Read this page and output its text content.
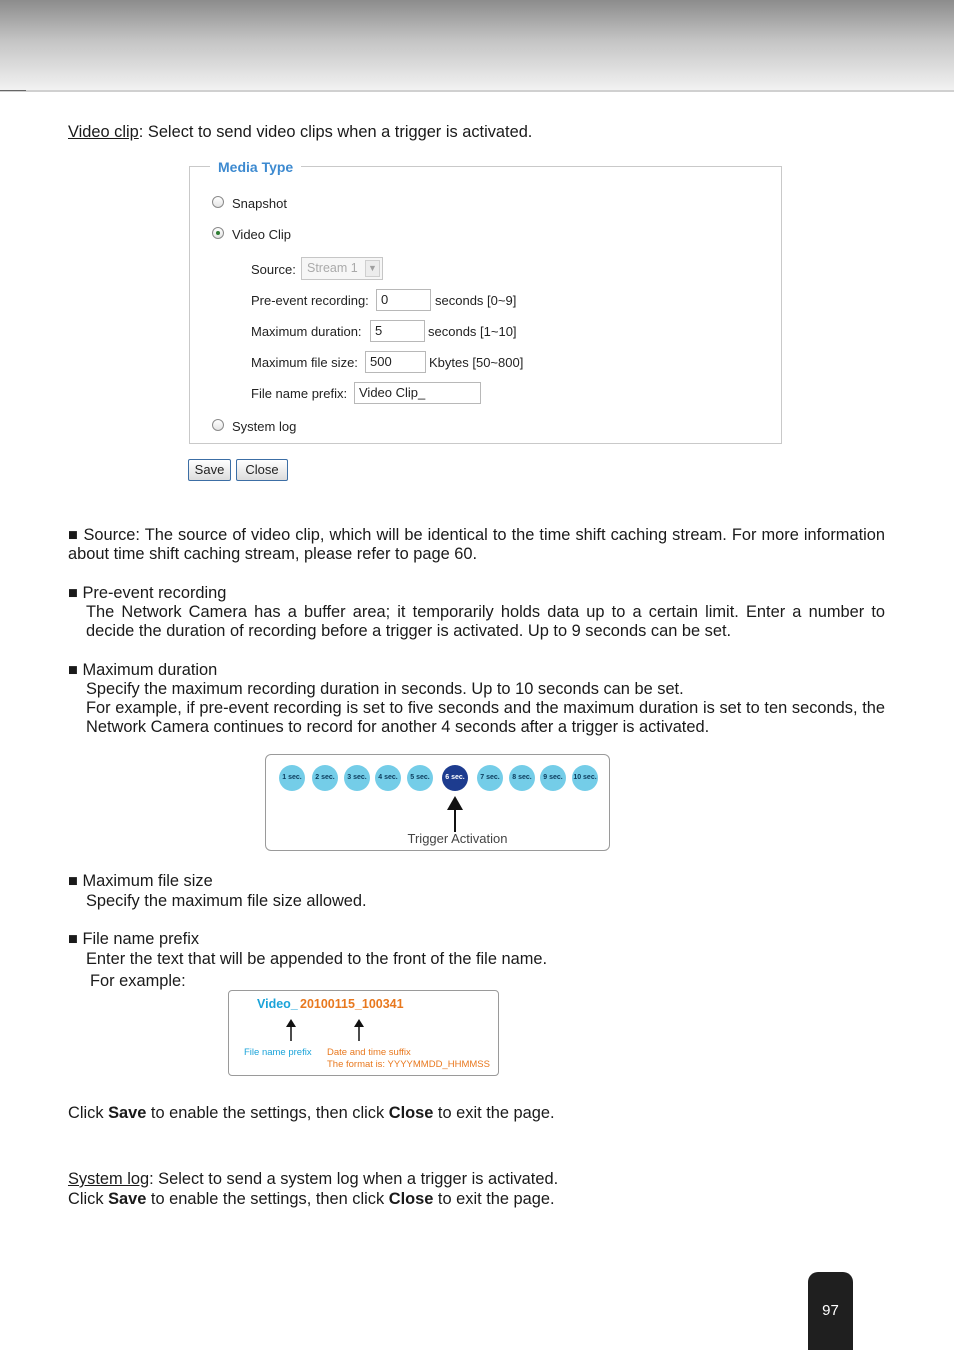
Video clip: Select to send video clips when a trigger is activated.
Media Type
Snapshot
Video Clip
Source: Stream 1	▼
Pre-event recording: 0	seconds [0~9]
Maximum duration:	5	seconds [1~10]
Maximum file size: 500	Kbytes [50~800]
File name prefix: Video Clip_
System log
Save	Close
■ Source: The source of video clip, which will be identical to the time shift caching stream. For more information about time shift caching stream, please refer to page 60.
■ Pre-event recording
The Network Camera has a buffer area; it temporarily holds data up to a certain limit. Enter a number to decide the duration of recording before a trigger is activated. Up to 9 seconds can be set.
■ Maximum duration
Specify the maximum recording duration in seconds. Up to 10 seconds can be set.
For example, if pre-event recording is set to five seconds and the maximum duration is set to ten seconds, the Network Camera continues to record for another 4 seconds after a trigger is activated.
1 sec.	2 sec.	3 sec.	4 sec.	5 sec.	6 sec.	7 sec.	8 sec.	9 sec.	10 sec.
Trigger Activation
■ Maximum file size
Specify the maximum file size allowed.
■ File name prefix
Enter the text that will be appended to the front of the file name.
For example:
Video_ 20100115_100341
File name prefix Date and time suffix
The format is: YYYYMMDD_HHMMSS
Click Save to enable the settings, then click Close to exit the page.
System log: Select to send a system log when a trigger is activated.
Click Save to enable the settings, then click Close to exit the page.
97
